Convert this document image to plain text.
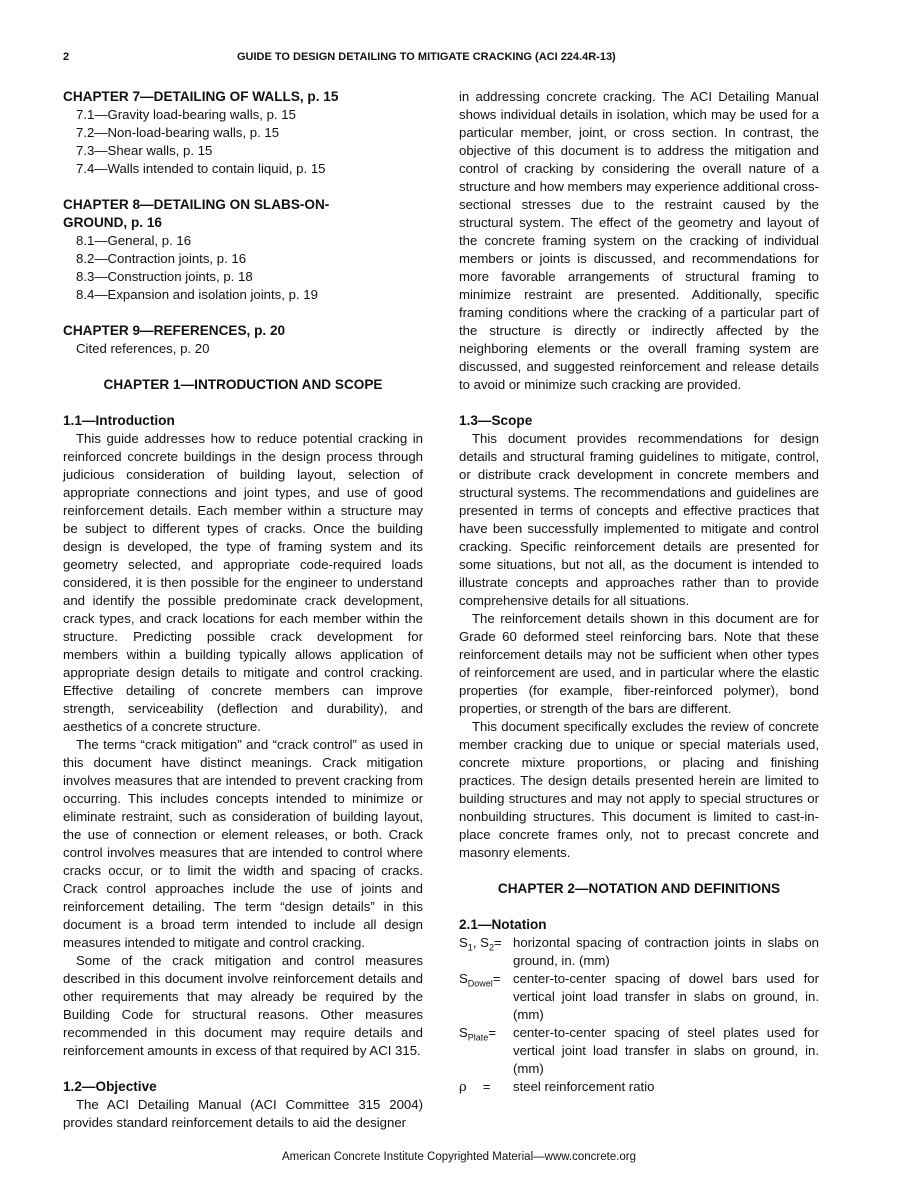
2	GUIDE TO DESIGN DETAILING TO MITIGATE CRACKING (ACI 224.4R-13)
CHAPTER 7—DETAILING OF WALLS, p. 15
7.1—Gravity load-bearing walls, p. 15
7.2—Non-load-bearing walls, p. 15
7.3—Shear walls, p. 15
7.4—Walls intended to contain liquid, p. 15
CHAPTER 8—DETAILING ON SLABS-ON-
GROUND, p. 16
8.1—General, p. 16
8.2—Contraction joints, p. 16
8.3—Construction joints, p. 18
8.4—Expansion and isolation joints, p. 19
CHAPTER 9—REFERENCES, p. 20
Cited references, p. 20
CHAPTER 1—INTRODUCTION AND SCOPE
1.1—Introduction

This guide addresses how to reduce potential cracking in reinforced concrete buildings in the design process through judicious consideration of building layout, selection of appropriate connections and joint types, and use of good reinforcement details. Each member within a structure may be subject to different types of cracks. Once the building design is developed, the type of framing system and its geometry selected, and appropriate code-required loads considered, it is then possible for the engineer to understand and identify the possible predominate crack development, crack types, and crack locations for each member within the structure. Predicting possible crack development for members within a building typically allows application of appropriate design details to mitigate and control cracking. Effective detailing of concrete members can improve strength, serviceability (deflection and durability), and aesthetics of a concrete structure.

The terms “crack mitigation” and “crack control” as used in this document have distinct meanings. Crack mitigation involves measures that are intended to prevent cracking from occurring. This includes concepts intended to minimize or eliminate restraint, such as consideration of building layout, the use of connection or element releases, or both. Crack control involves measures that are intended to control where cracks occur, or to limit the width and spacing of cracks. Crack control approaches include the use of joints and reinforcement detailing. The term “design details” in this document is a broad term intended to include all design measures intended to mitigate and control cracking.

Some of the crack mitigation and control measures described in this document involve reinforcement details and other requirements that may already be required by the Building Code for structural reasons. Other measures recommended in this document may require details and reinforcement amounts in excess of that required by ACI 315.

1.2—Objective

The ACI Detailing Manual (ACI Committee 315 2004) provides standard reinforcement details to aid the designer

in addressing concrete cracking. The ACI Detailing Manual shows individual details in isolation, which may be used for a particular member, joint, or cross section. In contrast, the objective of this document is to address the mitigation and control of cracking by considering the overall nature of a structure and how members may experience additional cross-sectional stresses due to the restraint caused by the structural system. The effect of the geometry and layout of the concrete framing system on the cracking of individual members or joints is discussed, and recommendations for more favorable arrangements of structural framing to minimize restraint are presented. Additionally, specific framing conditions where the cracking of a particular part of the structure is directly or indirectly affected by the neighboring elements or the overall framing system are discussed, and suggested reinforcement and release details to avoid or minimize such cracking are provided.

1.3—Scope

This document provides recommendations for design details and structural framing guidelines to mitigate, control, or distribute crack development in concrete members and structural systems. The recommendations and guidelines are presented in terms of concepts and effective practices that have been successfully implemented to mitigate and control cracking. Specific reinforcement details are presented for some situations, but not all, as the document is intended to illustrate concepts and approaches rather than to provide comprehensive details for all situations.

The reinforcement details shown in this document are for Grade 60 deformed steel reinforcing bars. Note that these reinforcement details may not be sufficient when other types of reinforcement are used, and in particular where the elastic properties (for example, fiber-reinforced polymer), bond properties, or strength of the bars are different.

This document specifically excludes the review of concrete member cracking due to unique or special materials used, concrete mixture proportions, or placing and finishing practices. The design details presented herein are limited to building structures and may not apply to special structures or nonbuilding structures. This document is limited to cast-in-place concrete frames only, not to precast concrete and masonry elements.

CHAPTER 2—NOTATION AND DEFINITIONS
2.1—Notation
$S_1$, $S_2=$ horizontal spacing of contraction joints in slabs on ground, in. (mm)
$S_{Dowel}=$ center-to-center spacing of dowel bars used for vertical joint load transfer in slabs on ground, in. (mm)
$S_{Plate}=$	center-to-center spacing of steel plates used for vertical joint load transfer in slabs on ground, in. (mm)
ρ =	steel reinforcement ratio
American Concrete Institute Copyrighted Material—www.concrete.org
